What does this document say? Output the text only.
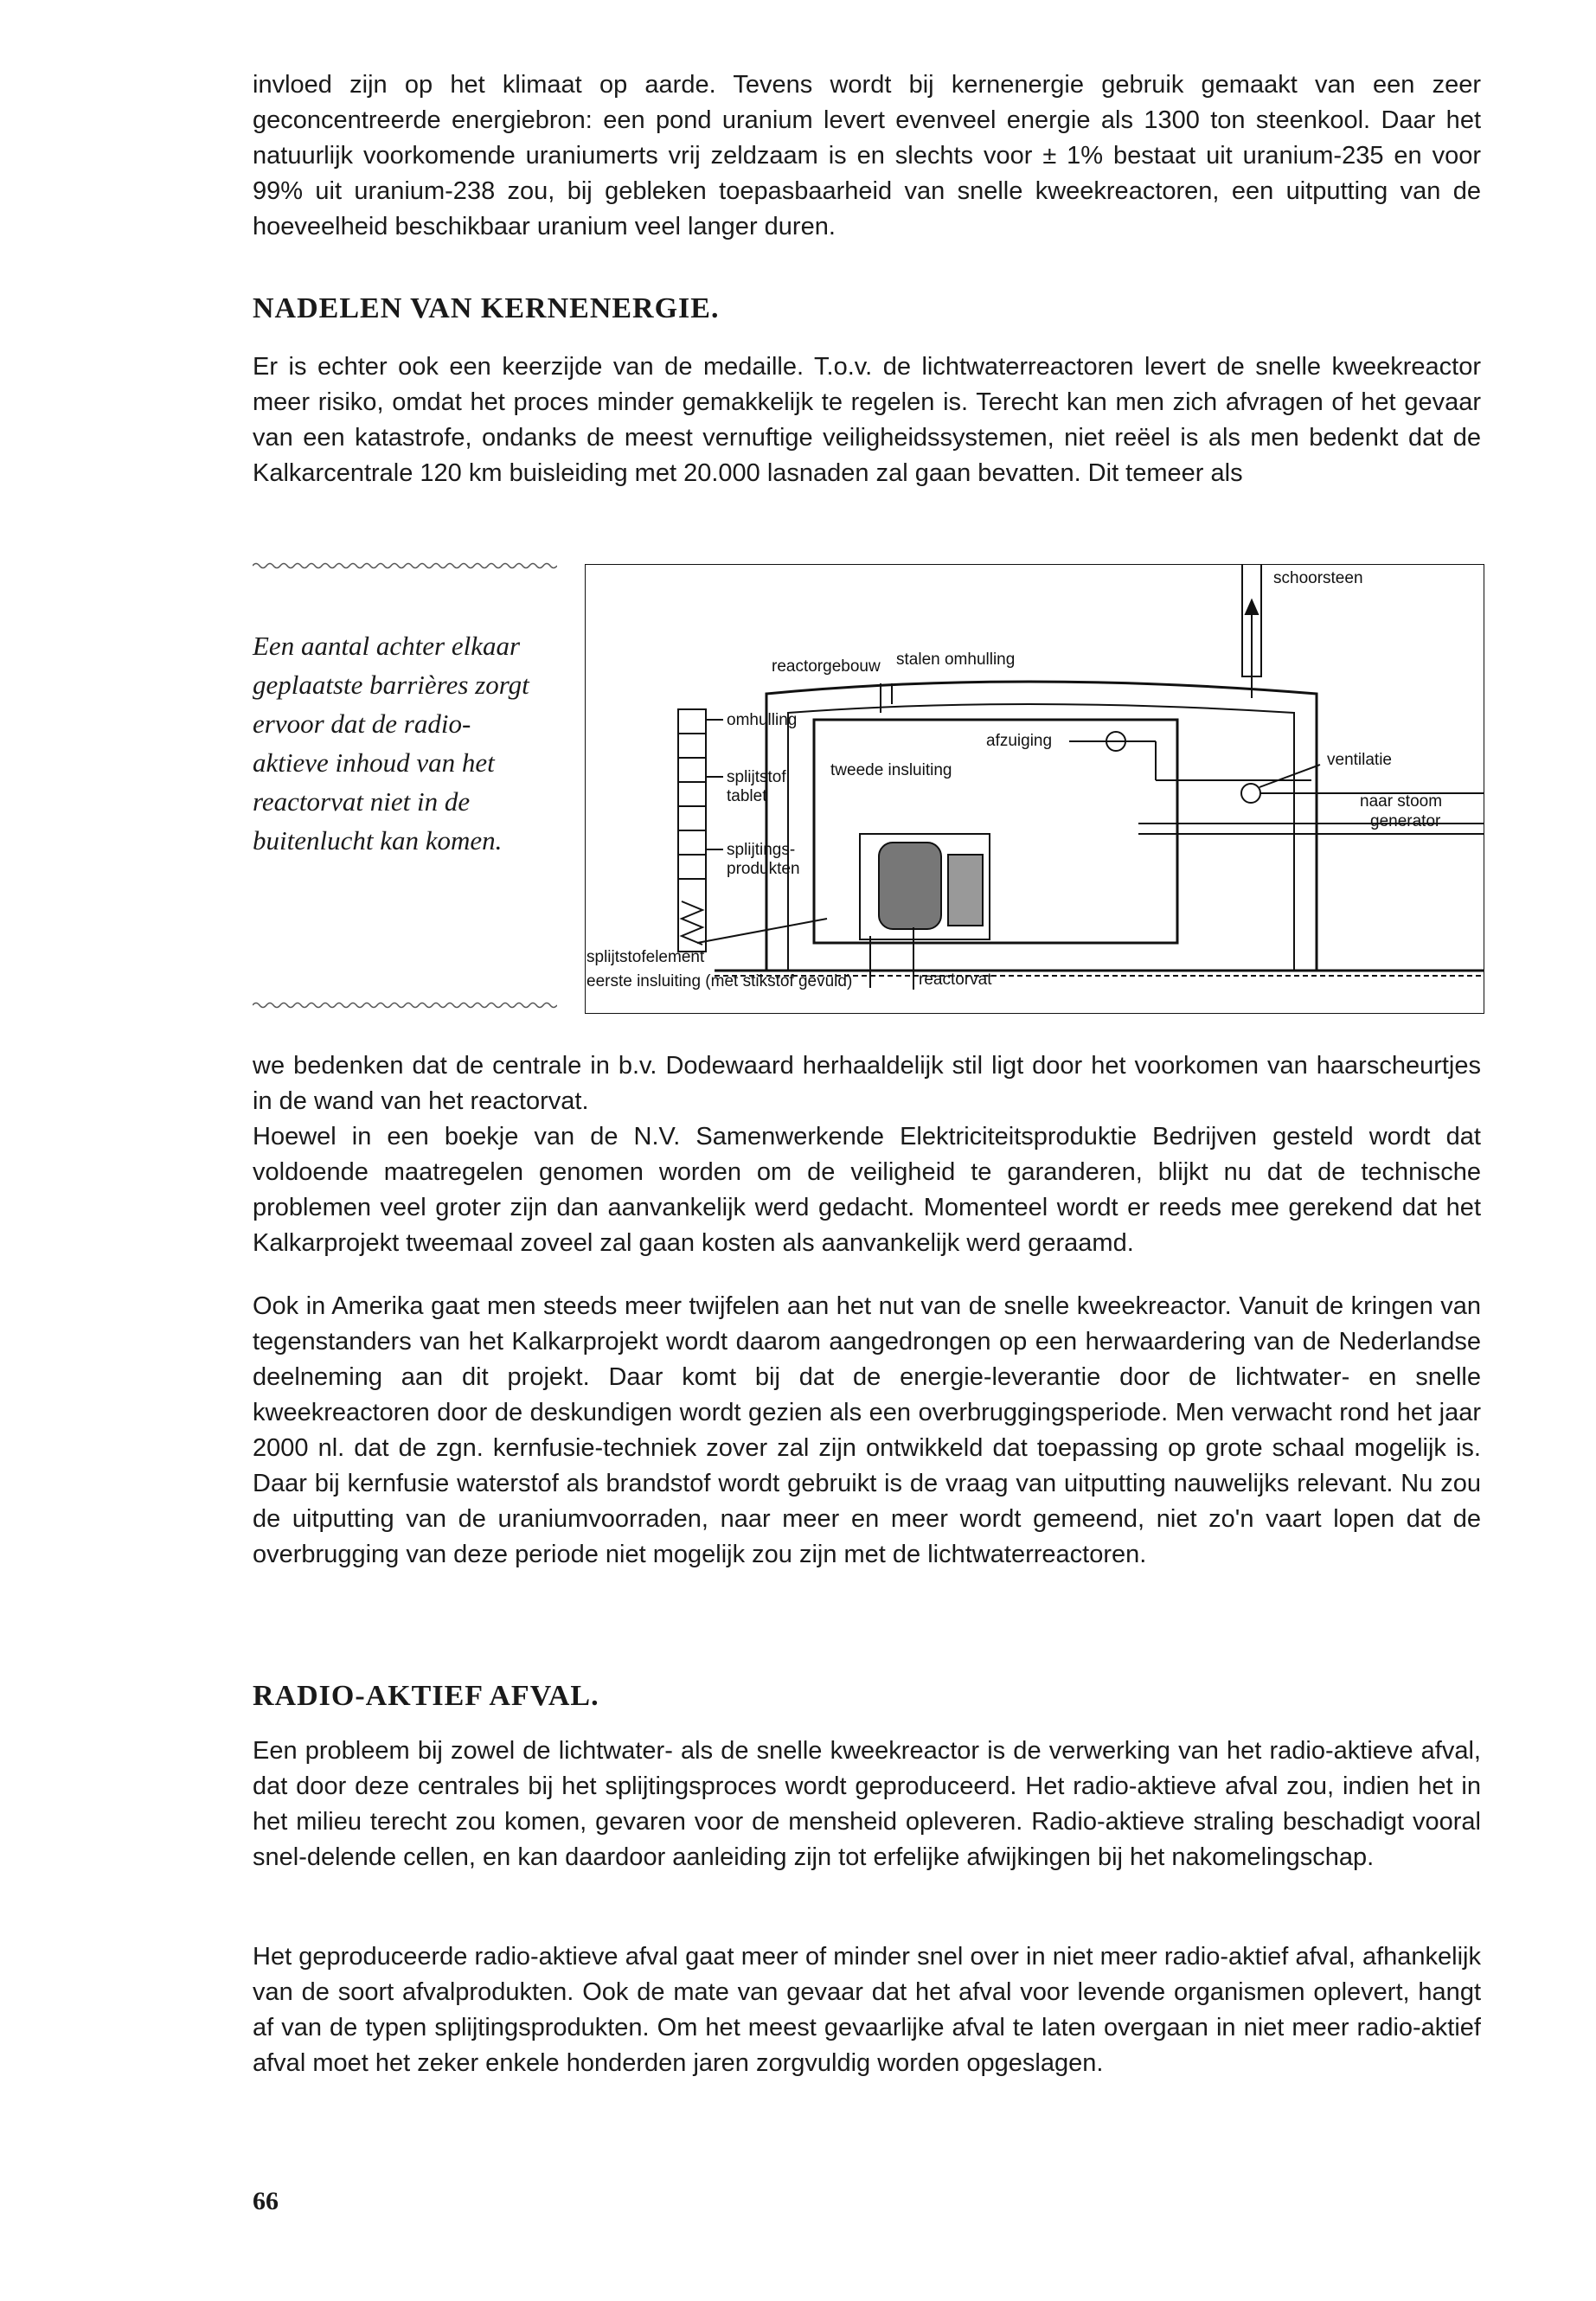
invloed zijn op het klimaat op aarde. Tevens wordt bij kernenergie gebruik gemaakt van een zeer geconcentreerde energiebron: een pond uranium levert evenveel energie als 1300 ton steenkool. Daar het natuurlijk voorkomende uraniumerts vrij zeldzaam is en slechts voor ± 1% bestaat uit uranium-235 en voor 99% uit uranium-238 zou, bij gebleken toepasbaarheid van snelle kweekreactoren, een uitputting van de hoeveelheid beschikbaar uranium veel langer duren.

NADELEN VAN KERNENERGIE.

Er is echter ook een keerzijde van de medaille. T.o.v. de lichtwaterreactoren levert de snelle kweekreactor meer risiko, omdat het proces minder gemakkelijk te regelen is. Terecht kan men zich afvragen of het gevaar van een katastrofe, ondanks de meest vernuftige veiligheidssystemen, niet reëel is als men bedenkt dat de Kalkarcentrale 120 km buisleiding met 20.000 lasnaden zal gaan bevatten. Dit temeer als

Een aantal achter elkaar geplaatste barrières zorgt ervoor dat de radio-aktieve inhoud van het reactorvat niet in de buitenlucht kan komen.
schoorsteen
reactorgebouw stalen omhulling
omhulling
afzuiging
ventilatie
splijtstof
tablet
tweede insluiting
naar stoom
generator
splijtings-
produkten
splijtstofelement
eerste insluiting (met stikstof gevuld)	reactorvat

we bedenken dat de centrale in b.v. Dodewaard herhaaldelijk stil ligt door het voorkomen van haarscheurtjes in de wand van het reactorvat.

Hoewel in een boekje van de N.V. Samenwerkende Elektriciteitsproduktie Bedrijven gesteld wordt dat voldoende maatregelen genomen worden om de veiligheid te garanderen, blijkt nu dat de technische problemen veel groter zijn dan aanvankelijk werd gedacht. Momenteel wordt er reeds mee gerekend dat het Kalkarprojekt tweemaal zoveel zal gaan kosten als aanvankelijk werd geraamd.

Ook in Amerika gaat men steeds meer twijfelen aan het nut van de snelle kweekreactor. Vanuit de kringen van tegenstanders van het Kalkarprojekt wordt daarom aangedrongen op een herwaardering van de Nederlandse deelneming aan dit projekt. Daar komt bij dat de energie-leverantie door de lichtwater- en snelle kweekreactoren door de deskundigen wordt gezien als een overbruggingsperiode. Men verwacht rond het jaar 2000 nl. dat de zgn. kernfusie-techniek zover zal zijn ontwikkeld dat toepassing op grote schaal mogelijk is. Daar bij kernfusie waterstof als brandstof wordt gebruikt is de vraag van uitputting nauwelijks relevant. Nu zou de uitputting van de uraniumvoorraden, naar meer en meer wordt gemeend, niet zo'n vaart lopen dat de overbrugging van deze periode niet mogelijk zou zijn met de lichtwaterreactoren.

RADIO-AKTIEF AFVAL.

Een probleem bij zowel de lichtwater- als de snelle kweekreactor is de verwerking van het radio-aktieve afval, dat door deze centrales bij het splijtingsproces wordt geproduceerd. Het radio-aktieve afval zou, indien het in het milieu terecht zou komen, gevaren voor de mensheid opleveren. Radio-aktieve straling beschadigt vooral snel-delende cellen, en kan daardoor aanleiding zijn tot erfelijke afwijkingen bij het nakomelingschap.

Het geproduceerde radio-aktieve afval gaat meer of minder snel over in niet meer radio-aktief afval, afhankelijk van de soort afvalprodukten. Ook de mate van gevaar dat het afval voor levende organismen oplevert, hangt af van de typen splijtingsprodukten. Om het meest gevaarlijke afval te laten overgaan in niet meer radio-aktief afval moet het zeker enkele honderden jaren zorgvuldig worden opgeslagen.

66
